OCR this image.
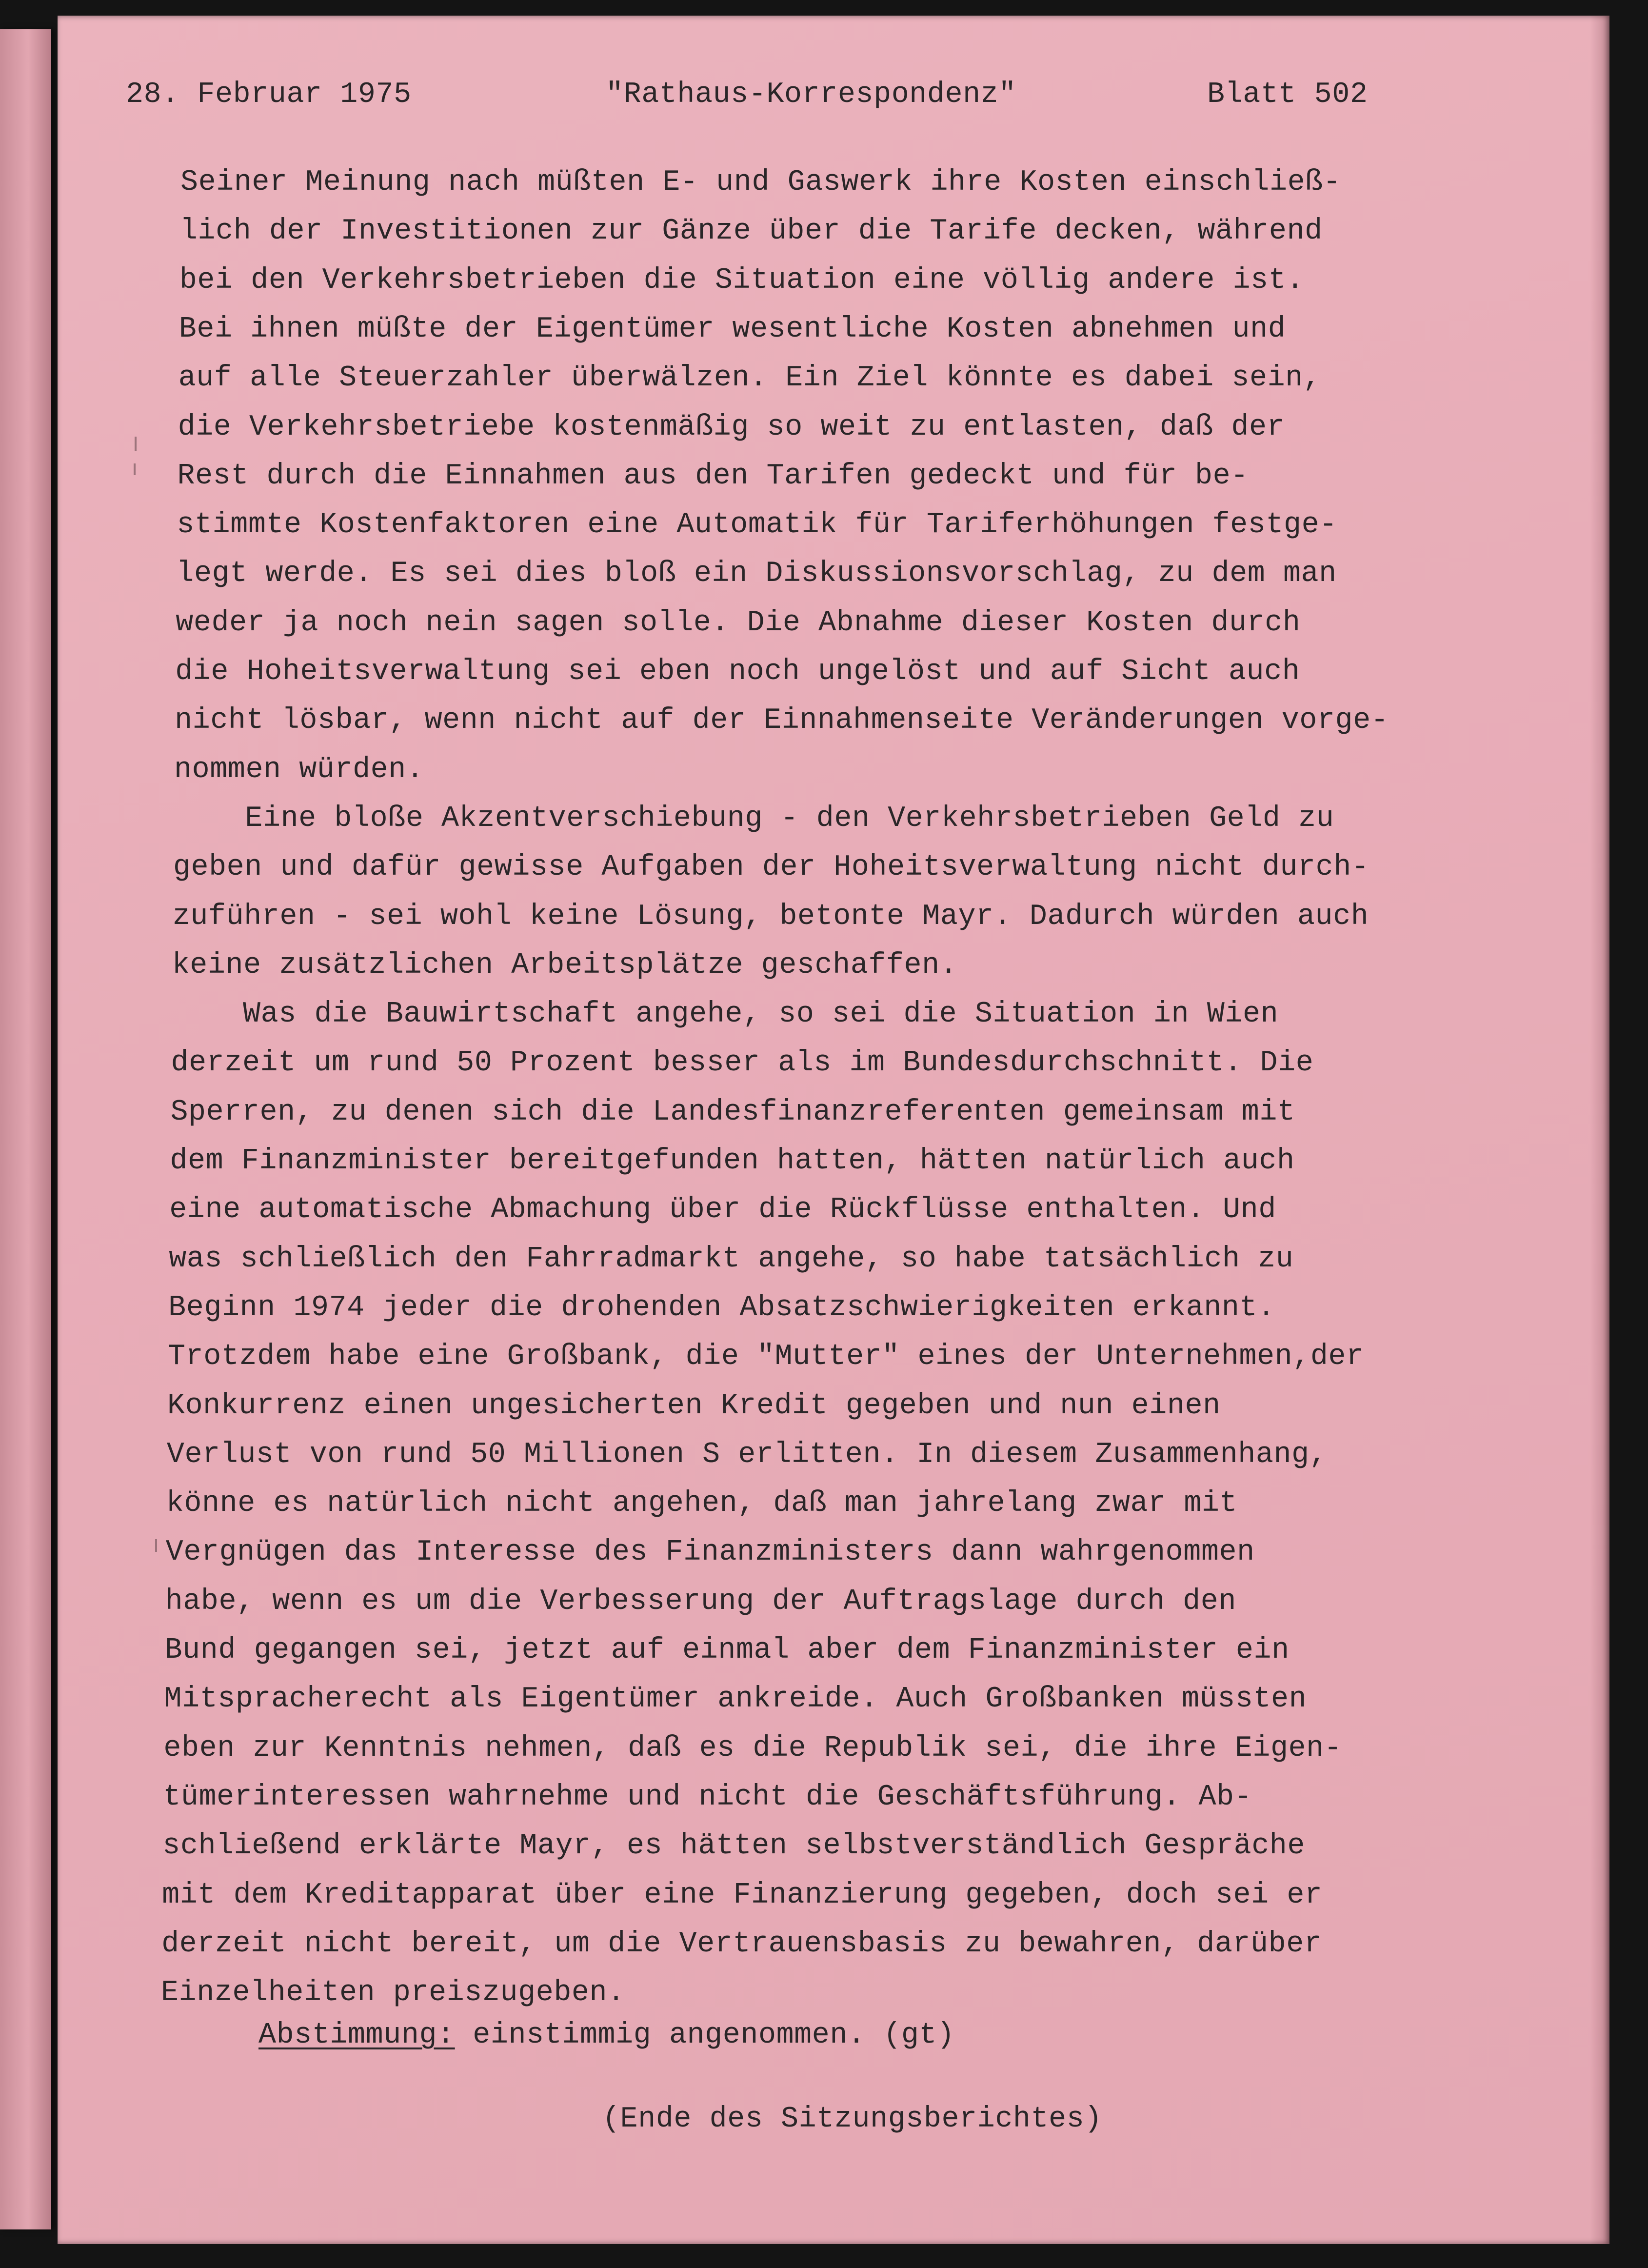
28. Februar 1975	"Rathaus-Korrespondenz"	Blatt 502
Seiner Meinung nach müßten E- und Gaswerk ihre Kosten einschließ-
lich der Investitionen zur Gänze über die Tarife decken, während
bei den Verkehrsbetrieben die Situation eine völlig andere ist.
Bei ihnen müßte der Eigentümer wesentliche Kosten abnehmen und
auf alle Steuerzahler überwälzen. Ein Ziel könnte es dabei sein,
die Verkehrsbetriebe kostenmäßig so weit zu entlasten, daß der
Rest durch die Einnahmen aus den Tarifen gedeckt und für be-
stimmte Kostenfaktoren eine Automatik für Tariferhöhungen festge-
legt werde. Es sei dies bloß ein Diskussionsvorschlag, zu dem man
weder ja noch nein sagen solle. Die Abnahme dieser Kosten durch
die Hoheitsverwaltung sei eben noch ungelöst und auf Sicht auch
nicht lösbar, wenn nicht auf der Einnahmenseite Veränderungen vorge-
nommen würden.
Eine bloße Akzentverschiebung - den Verkehrsbetrieben Geld zu
geben und dafür gewisse Aufgaben der Hoheitsverwaltung nicht durch-
zuführen - sei wohl keine Lösung, betonte Mayr. Dadurch würden auch
keine zusätzlichen Arbeitsplätze geschaffen.
Was die Bauwirtschaft angehe, so sei die Situation in Wien
derzeit um rund 50 Prozent besser als im Bundesdurchschnitt. Die
Sperren, zu denen sich die Landesfinanzreferenten gemeinsam mit
dem Finanzminister bereitgefunden hatten, hätten natürlich auch
eine automatische Abmachung über die Rückflüsse enthalten. Und
was schließlich den Fahrradmarkt angehe, so habe tatsächlich zu
Beginn 1974 jeder die drohenden Absatzschwierigkeiten erkannt.
Trotzdem habe eine Großbank, die "Mutter" eines der Unternehmen,der
Konkurrenz einen ungesicherten Kredit gegeben und nun einen
Verlust von rund 50 Millionen S erlitten. In diesem Zusammenhang,
könne es natürlich nicht angehen, daß man jahrelang zwar mit
Vergnügen das Interesse des Finanzministers dann wahrgenommen
habe, wenn es um die Verbesserung der Auftragslage durch den
Bund gegangen sei, jetzt auf einmal aber dem Finanzminister ein
Mitspracherecht als Eigentümer ankreide. Auch Großbanken müssten
eben zur Kenntnis nehmen, daß es die Republik sei, die ihre Eigen-
tümerinteressen wahrnehme und nicht die Geschäftsführung. Ab-
schließend erklärte Mayr, es hätten selbstverständlich Gespräche
mit dem Kreditapparat über eine Finanzierung gegeben, doch sei er
derzeit nicht bereit, um die Vertrauensbasis zu bewahren, darüber
Einzelheiten preiszugeben.
Abstimmung: einstimmig angenommen. (gt)
(Ende des Sitzungsberichtes)
